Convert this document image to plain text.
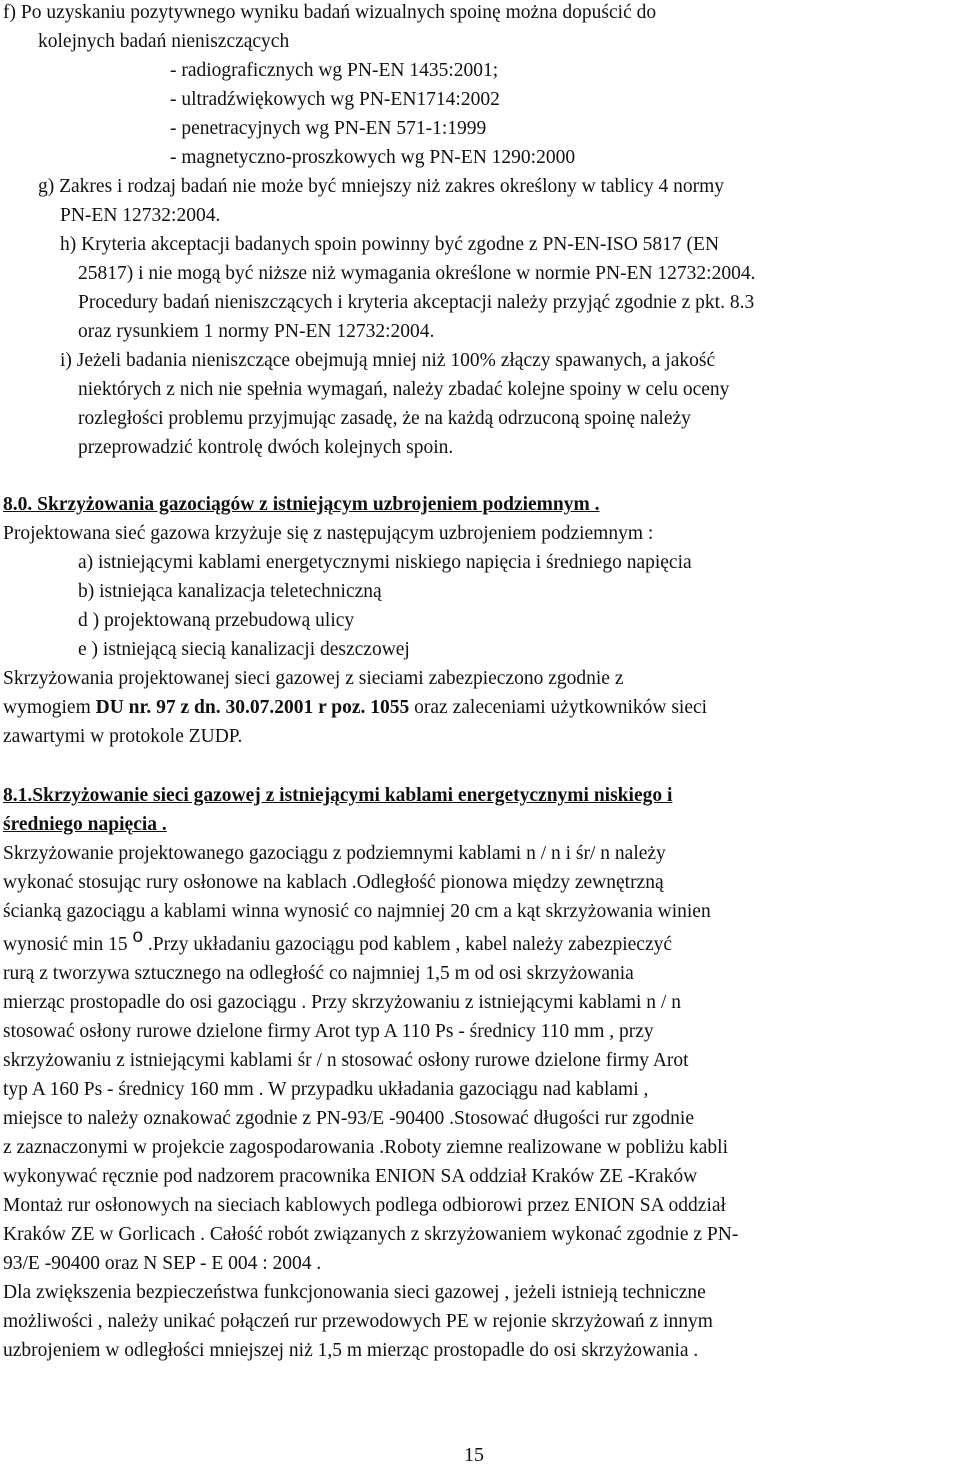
f) Po uzyskaniu pozytywnego wyniku badań wizualnych spoinę można dopuścić do
kolejnych badań nieniszczących
- radiograficznych wg PN-EN 1435:2001;
- ultradźwiękowych wg PN-EN1714:2002
- penetracyjnych wg PN-EN 571-1:1999
- magnetyczno-proszkowych wg PN-EN 1290:2000
g) Zakres i rodzaj badań nie może być mniejszy niż zakres określony w tablicy 4 normy
PN-EN 12732:2004.
h) Kryteria akceptacji badanych spoin powinny być zgodne z PN-EN-ISO 5817 (EN
25817) i nie mogą być niższe niż wymagania określone w normie PN-EN 12732:2004.
Procedury badań nieniszczących i kryteria akceptacji należy przyjąć zgodnie z pkt. 8.3
oraz rysunkiem 1 normy PN-EN 12732:2004.
i) Jeżeli badania nieniszczące obejmują mniej niż 100% złączy spawanych, a jakość
niektórych z nich nie spełnia wymagań, należy zbadać kolejne spoiny w celu oceny
rozległości problemu przyjmując zasadę, że na każdą odrzuconą spoinę należy
przeprowadzić kontrolę dwóch kolejnych spoin.
8.0. Skrzyżowania gazociągów z istniejącym uzbrojeniem podziemnym .
Projektowana sieć gazowa krzyżuje się z następującym uzbrojeniem podziemnym :
a) istniejącymi kablami energetycznymi niskiego napięcia i średniego napięcia
b) istniejąca kanalizacja teletechniczną
d ) projektowaną przebudową ulicy
e ) istniejącą siecią kanalizacji deszczowej
Skrzyżowania projektowanej sieci gazowej z sieciami zabezpieczono zgodnie z
wymogiem DU nr. 97 z dn. 30.07.2001 r poz. 1055 oraz zaleceniami użytkowników sieci
zawartymi w protokole ZUDP.
8.1.Skrzyżowanie sieci gazowej z istniejącymi kablami energetycznymi niskiego i
średniego napięcia .
Skrzyżowanie projektowanego gazociągu z podziemnymi kablami n / n i śr/ n należy
wykonać stosując rury osłonowe na kablach .Odległość pionowa między zewnętrzną
ścianką gazociągu a kablami winna wynosić co najmniej 20 cm a kąt skrzyżowania winien
wynosić min 15 o .Przy układaniu gazociągu pod kablem , kabel należy zabezpieczyć
rurą z tworzywa sztucznego na odległość co najmniej 1,5 m od osi skrzyżowania
mierząc prostopadle do osi gazociągu . Przy skrzyżowaniu z istniejącymi kablami n / n
stosować osłony rurowe dzielone firmy Arot typ A 110 Ps - średnicy 110 mm , przy
skrzyżowaniu z istniejącymi kablami śr / n stosować osłony rurowe dzielone firmy Arot
typ A 160 Ps - średnicy 160 mm . W przypadku układania gazociągu nad kablami ,
miejsce to należy oznakować zgodnie z PN-93/E -90400 .Stosować długości rur zgodnie
z zaznaczonymi w projekcie zagospodarowania .Roboty ziemne realizowane w pobliżu kabli
wykonywać ręcznie pod nadzorem pracownika ENION SA oddział Kraków ZE -Kraków
Montaż rur osłonowych na sieciach kablowych podlega odbiorowi przez ENION SA oddział
Kraków ZE w Gorlicach . Całość robót związanych z skrzyżowaniem wykonać zgodnie z PN-
93/E -90400 oraz N SEP - E 004 : 2004 .
Dla zwiększenia bezpieczeństwa funkcjonowania sieci gazowej , jeżeli istnieją techniczne
możliwości , należy unikać połączeń rur przewodowych PE w rejonie skrzyżowań z innym
uzbrojeniem w odległości mniejszej niż 1,5 m mierząc prostopadle do osi skrzyżowania .
15
